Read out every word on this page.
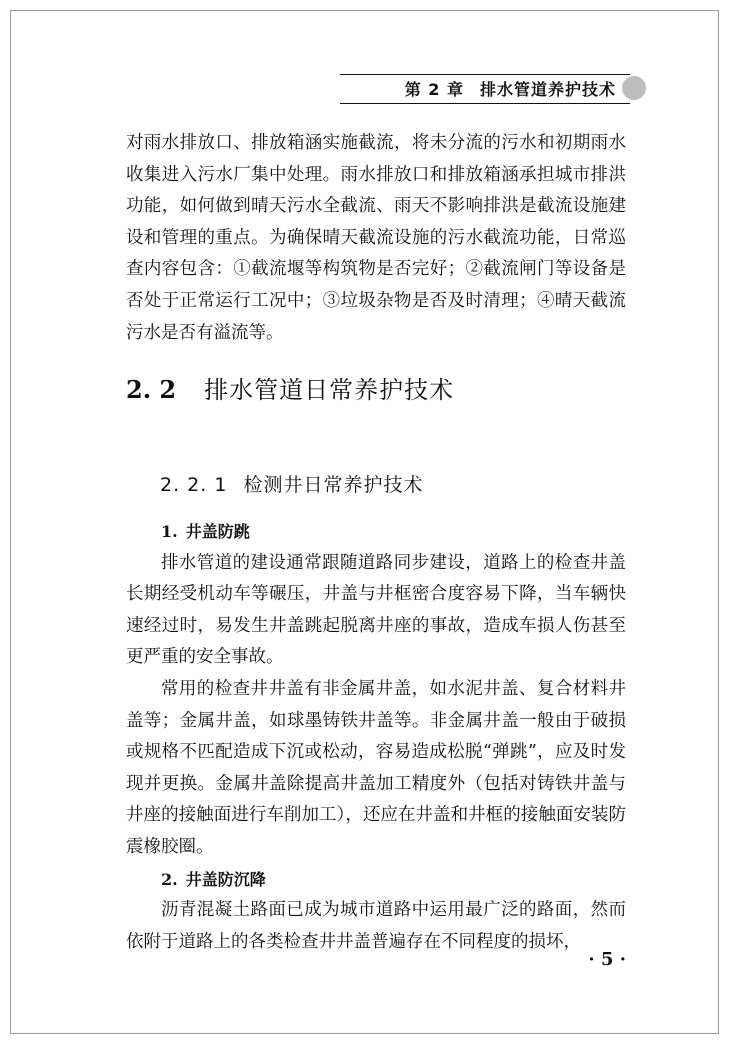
第 2 章 排水管道养护技术

对雨水排放口、排放箱涵实施截流，将未分流的污水和初期雨水收集进入污水厂集中处理。雨水排放口和排放箱涵承担城市排洪功能，如何做到晴天污水全截流、雨天不影响排洪是截流设施建设和管理的重点。为确保晴天截流设施的污水截流功能，日常巡查内容包含：①截流堰等构筑物是否完好；②截流闸门等设备是否处于正常运行工况中；③垃圾杂物是否及时清理；④晴天截流污水是否有溢流等。

2. 2 排水管道日常养护技术
2. 2. 1 检测井日常养护技术

1. 井盖防跳

排水管道的建设通常跟随道路同步建设，道路上的检查井盖长期经受机动车等碾压，井盖与井框密合度容易下降，当车辆快速经过时，易发生井盖跳起脱离井座的事故，造成车损人伤甚至更严重的安全事故。

常用的检查井井盖有非金属井盖，如水泥井盖、复合材料井盖等；金属井盖，如球墨铸铁井盖等。非金属井盖一般由于破损或规格不匹配造成下沉或松动，容易造成松脱“弹跳”，应及时发现并更换。金属井盖除提高井盖加工精度外（包括对铸铁井盖与井座的接触面进行车削加工），还应在井盖和井框的接触面安装防震橡胶圈。

2. 井盖防沉降

沥青混凝土路面已成为城市道路中运用最广泛的路面，然而依附于道路上的各类检查井井盖普遍存在不同程度的损坏，

· 5 ·
